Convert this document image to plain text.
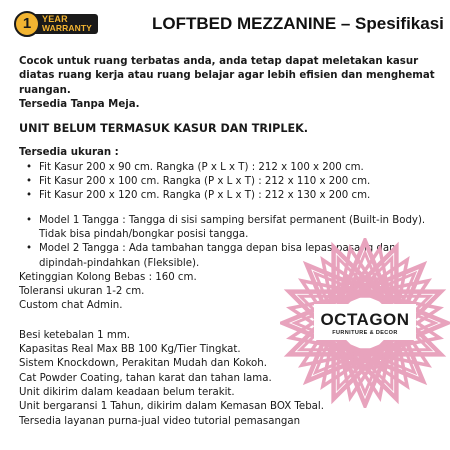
YEAR
WARRANTY
1	LOFTBED MEZZANINE – Spesifikasi

Cocok untuk ruang terbatas anda, anda tetap dapat meletakan kasur diatas ruang kerja atau ruang belajar agar lebih efisien dan menghemat ruangan.

Tersedia Tanpa Meja.

UNIT BELUM TERMASUK KASUR DAN TRIPLEK.

Tersedia ukuran :

• Fit Kasur 200 x 90 cm. Rangka (P x L x T) : 212 x 100 x 200 cm.
• Fit Kasur 200 x 100 cm. Rangka (P x L x T) : 212 x 110 x 200 cm.
• Fit Kasur 200 x 120 cm. Rangka (P x L x T) : 212 x 130 x 200 cm.
• Model 1 Tangga : Tangga di sisi samping bersifat permanent (Built-in Body). Tidak bisa pindah/bongkar posisi tangga.
• Model 2 Tangga : Ada tambahan tangga depan bisa lepas-pasang dan dipindah-pindahkan (Fleksible).

Ketinggian Kolong Bebas : 160 cm.

Toleransi ukuran 1-2 cm.

Custom chat Admin.

Besi ketebalan 1 mm.

Kapasitas Real Max BB 100 Kg/Tier Tingkat.

Sistem Knockdown, Perakitan Mudah dan Kokoh.

Cat Powder Coating, tahan karat dan tahan lama.

Unit dikirim dalam keadaan belum terakit.

Unit bergaransi 1 Tahun, dikirim dalam Kemasan BOX Tebal.

Tersedia layanan purna-jual video tutorial pemasangan

OCTAGON
FURNITURE & DECOR
